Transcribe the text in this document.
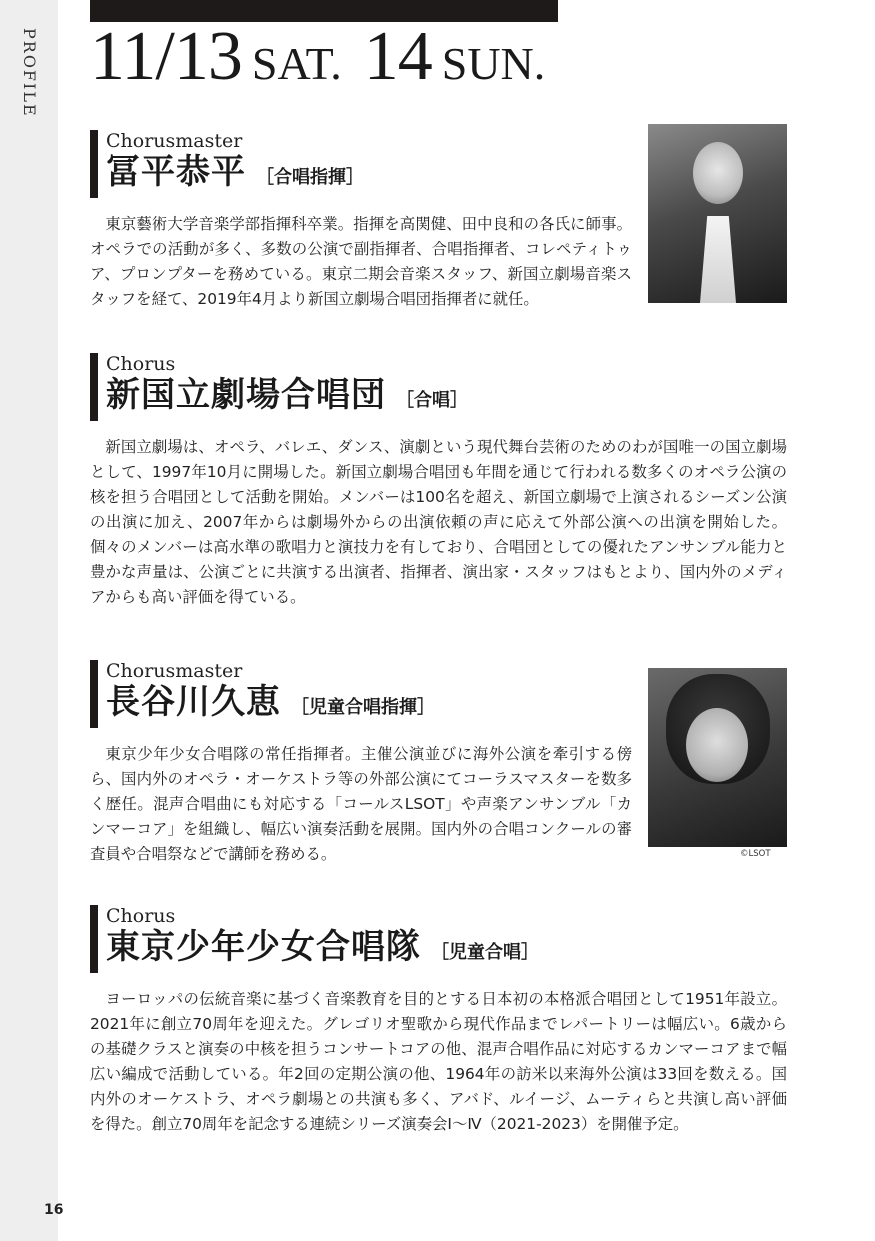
PROFILE
16
11/13 SAT. 14 SUN.
Chorusmaster
冨平恭平 ［合唱指揮］

東京藝術大学音楽学部指揮科卒業。指揮を高関健、田中良和の各氏に師事。オペラでの活動が多く、多数の公演で副指揮者、合唱指揮者、コレペティトゥア、プロンプターを務めている。東京二期会音楽スタッフ、新国立劇場音楽スタッフを経て、2019年4月より新国立劇場合唱団指揮者に就任。

Chorus
新国立劇場合唱団 ［合唱］

新国立劇場は、オペラ、バレエ、ダンス、演劇という現代舞台芸術のためのわが国唯一の国立劇場として、1997年10月に開場した。新国立劇場合唱団も年間を通じて行われる数多くのオペラ公演の核を担う合唱団として活動を開始。メンバーは100名を超え、新国立劇場で上演されるシーズン公演の出演に加え、2007年からは劇場外からの出演依頼の声に応えて外部公演への出演を開始した。個々のメンバーは高水準の歌唱力と演技力を有しており、合唱団としての優れたアンサンブル能力と豊かな声量は、公演ごとに共演する出演者、指揮者、演出家・スタッフはもとより、国内外のメディアからも高い評価を得ている。

Chorusmaster
長谷川久恵 ［児童合唱指揮］

東京少年少女合唱隊の常任指揮者。主催公演並びに海外公演を牽引する傍ら、国内外のオペラ・オーケストラ等の外部公演にてコーラスマスターを数多く歴任。混声合唱曲にも対応する「コールスLSOT」や声楽アンサンブル「カンマーコア」を組織し、幅広い演奏活動を展開。国内外の合唱コンクールの審査員や合唱祭などで講師を務める。	©LSOT
Chorus
東京少年少女合唱隊 ［児童合唱］

ヨーロッパの伝統音楽に基づく音楽教育を目的とする日本初の本格派合唱団として1951年設立。2021年に創立70周年を迎えた。グレゴリオ聖歌から現代作品までレパートリーは幅広い。6歳からの基礎クラスと演奏の中核を担うコンサートコアの他、混声合唱作品に対応するカンマーコアまで幅広い編成で活動している。年2回の定期公演の他、1964年の訪米以来海外公演は33回を数える。国内外のオーケストラ、オペラ劇場との共演も多く、アバド、ルイージ、ムーティらと共演し高い評価を得た。創立70周年を記念する連続シリーズ演奏会Ⅰ～Ⅳ（2021-2023）を開催予定。
